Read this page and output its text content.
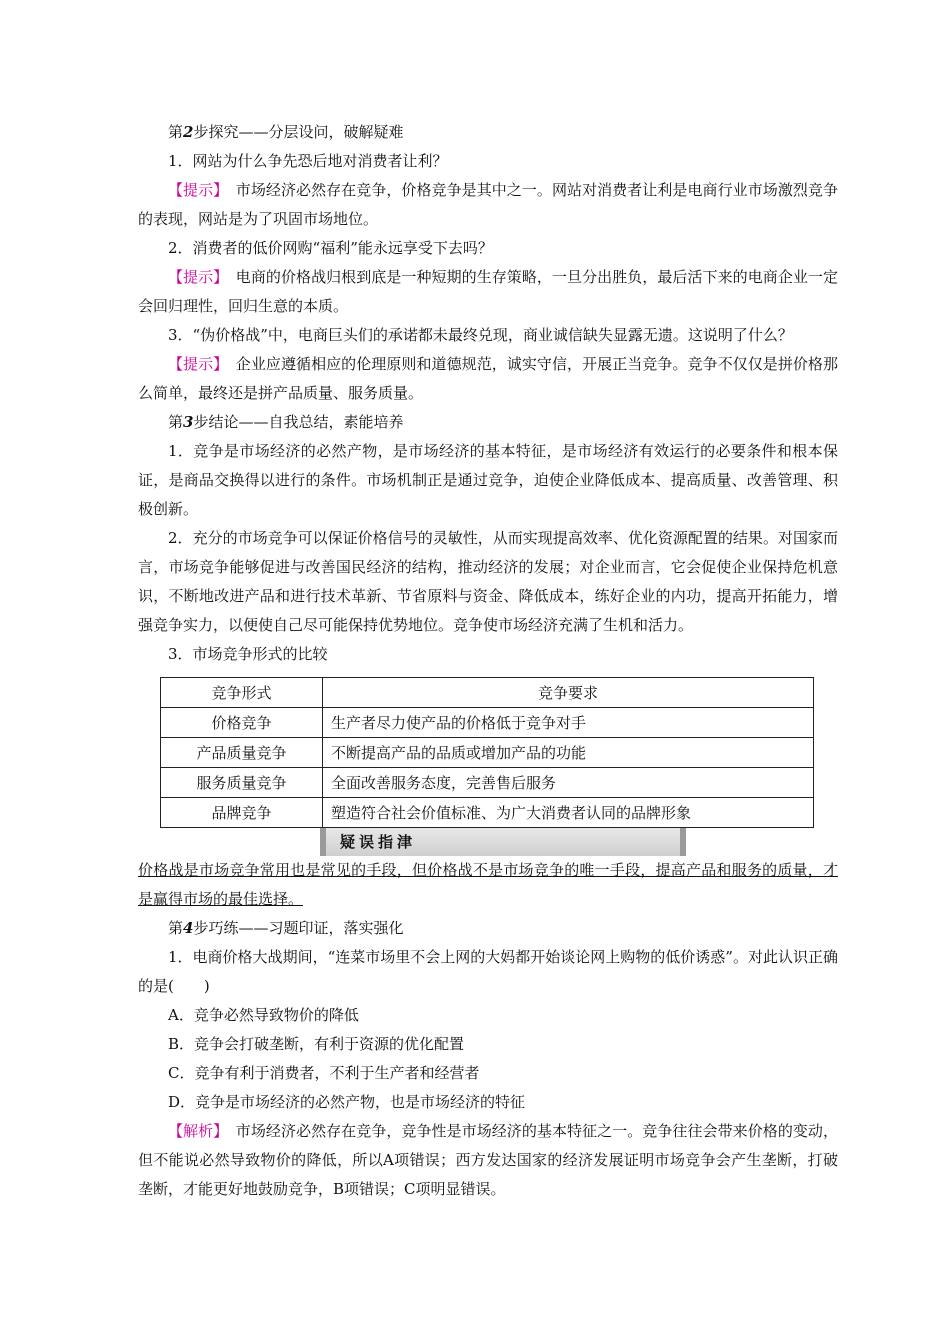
第2步探究——分层设问，破解疑难

1．网站为什么争先恐后地对消费者让利？

【提示】　市场经济必然存在竞争，价格竞争是其中之一。网站对消费者让利是电商行业市场激烈竞争的表现，网站是为了巩固市场地位。

2．消费者的低价网购“福利”能永远享受下去吗？

【提示】　电商的价格战归根到底是一种短期的生存策略，一旦分出胜负，最后活下来的电商企业一定会回归理性，回归生意的本质。

3．“伪价格战”中，电商巨头们的承诺都未最终兑现，商业诚信缺失显露无遗。这说明了什么？

【提示】　企业应遵循相应的伦理原则和道德规范，诚实守信，开展正当竞争。竞争不仅仅是拼价格那么简单，最终还是拼产品质量、服务质量。

第3步结论——自我总结，素能培养

1．竞争是市场经济的必然产物，是市场经济的基本特征，是市场经济有效运行的必要条件和根本保证，是商品交换得以进行的条件。市场机制正是通过竞争，迫使企业降低成本、提高质量、改善管理、积极创新。

2．充分的市场竞争可以保证价格信号的灵敏性，从而实现提高效率、优化资源配置的结果。对国家而言，市场竞争能够促进与改善国民经济的结构，推动经济的发展；对企业而言，它会促使企业保持危机意识，不断地改进产品和进行技术革新、节省原料与资金、降低成本，练好企业的内功，提高开拓能力，增强竞争实力，以便使自己尽可能保持优势地位。竞争使市场经济充满了生机和活力。

3．市场竞争形式的比较

竞争形式	竞争要求
价格竞争	生产者尽力使产品的价格低于竞争对手
产品质量竞争	不断提高产品的品质或增加产品的功能
服务质量竞争	全面改善服务态度，完善售后服务
品牌竞争	塑造符合社会价值标准、为广大消费者认同的品牌形象
疑误指津

价格战是市场竞争常用也是常见的手段，但价格战不是市场竞争的唯一手段，提高产品和服务的质量，才是赢得市场的最佳选择。

第4步巧练——习题印证，落实强化

1．电商价格大战期间，“连菜市场里不会上网的大妈都开始谈论网上购物的低价诱惑”。对此认识正确的是(　　)

A．竞争必然导致物价的降低

B．竞争会打破垄断，有利于资源的优化配置

C．竞争有利于消费者，不利于生产者和经营者

D．竞争是市场经济的必然产物，也是市场经济的特征

【解析】　市场经济必然存在竞争，竞争性是市场经济的基本特征之一。竞争往往会带来价格的变动，但不能说必然导致物价的降低，所以A项错误；西方发达国家的经济发展证明市场竞争会产生垄断，打破垄断，才能更好地鼓励竞争，B项错误；C项明显错误。
